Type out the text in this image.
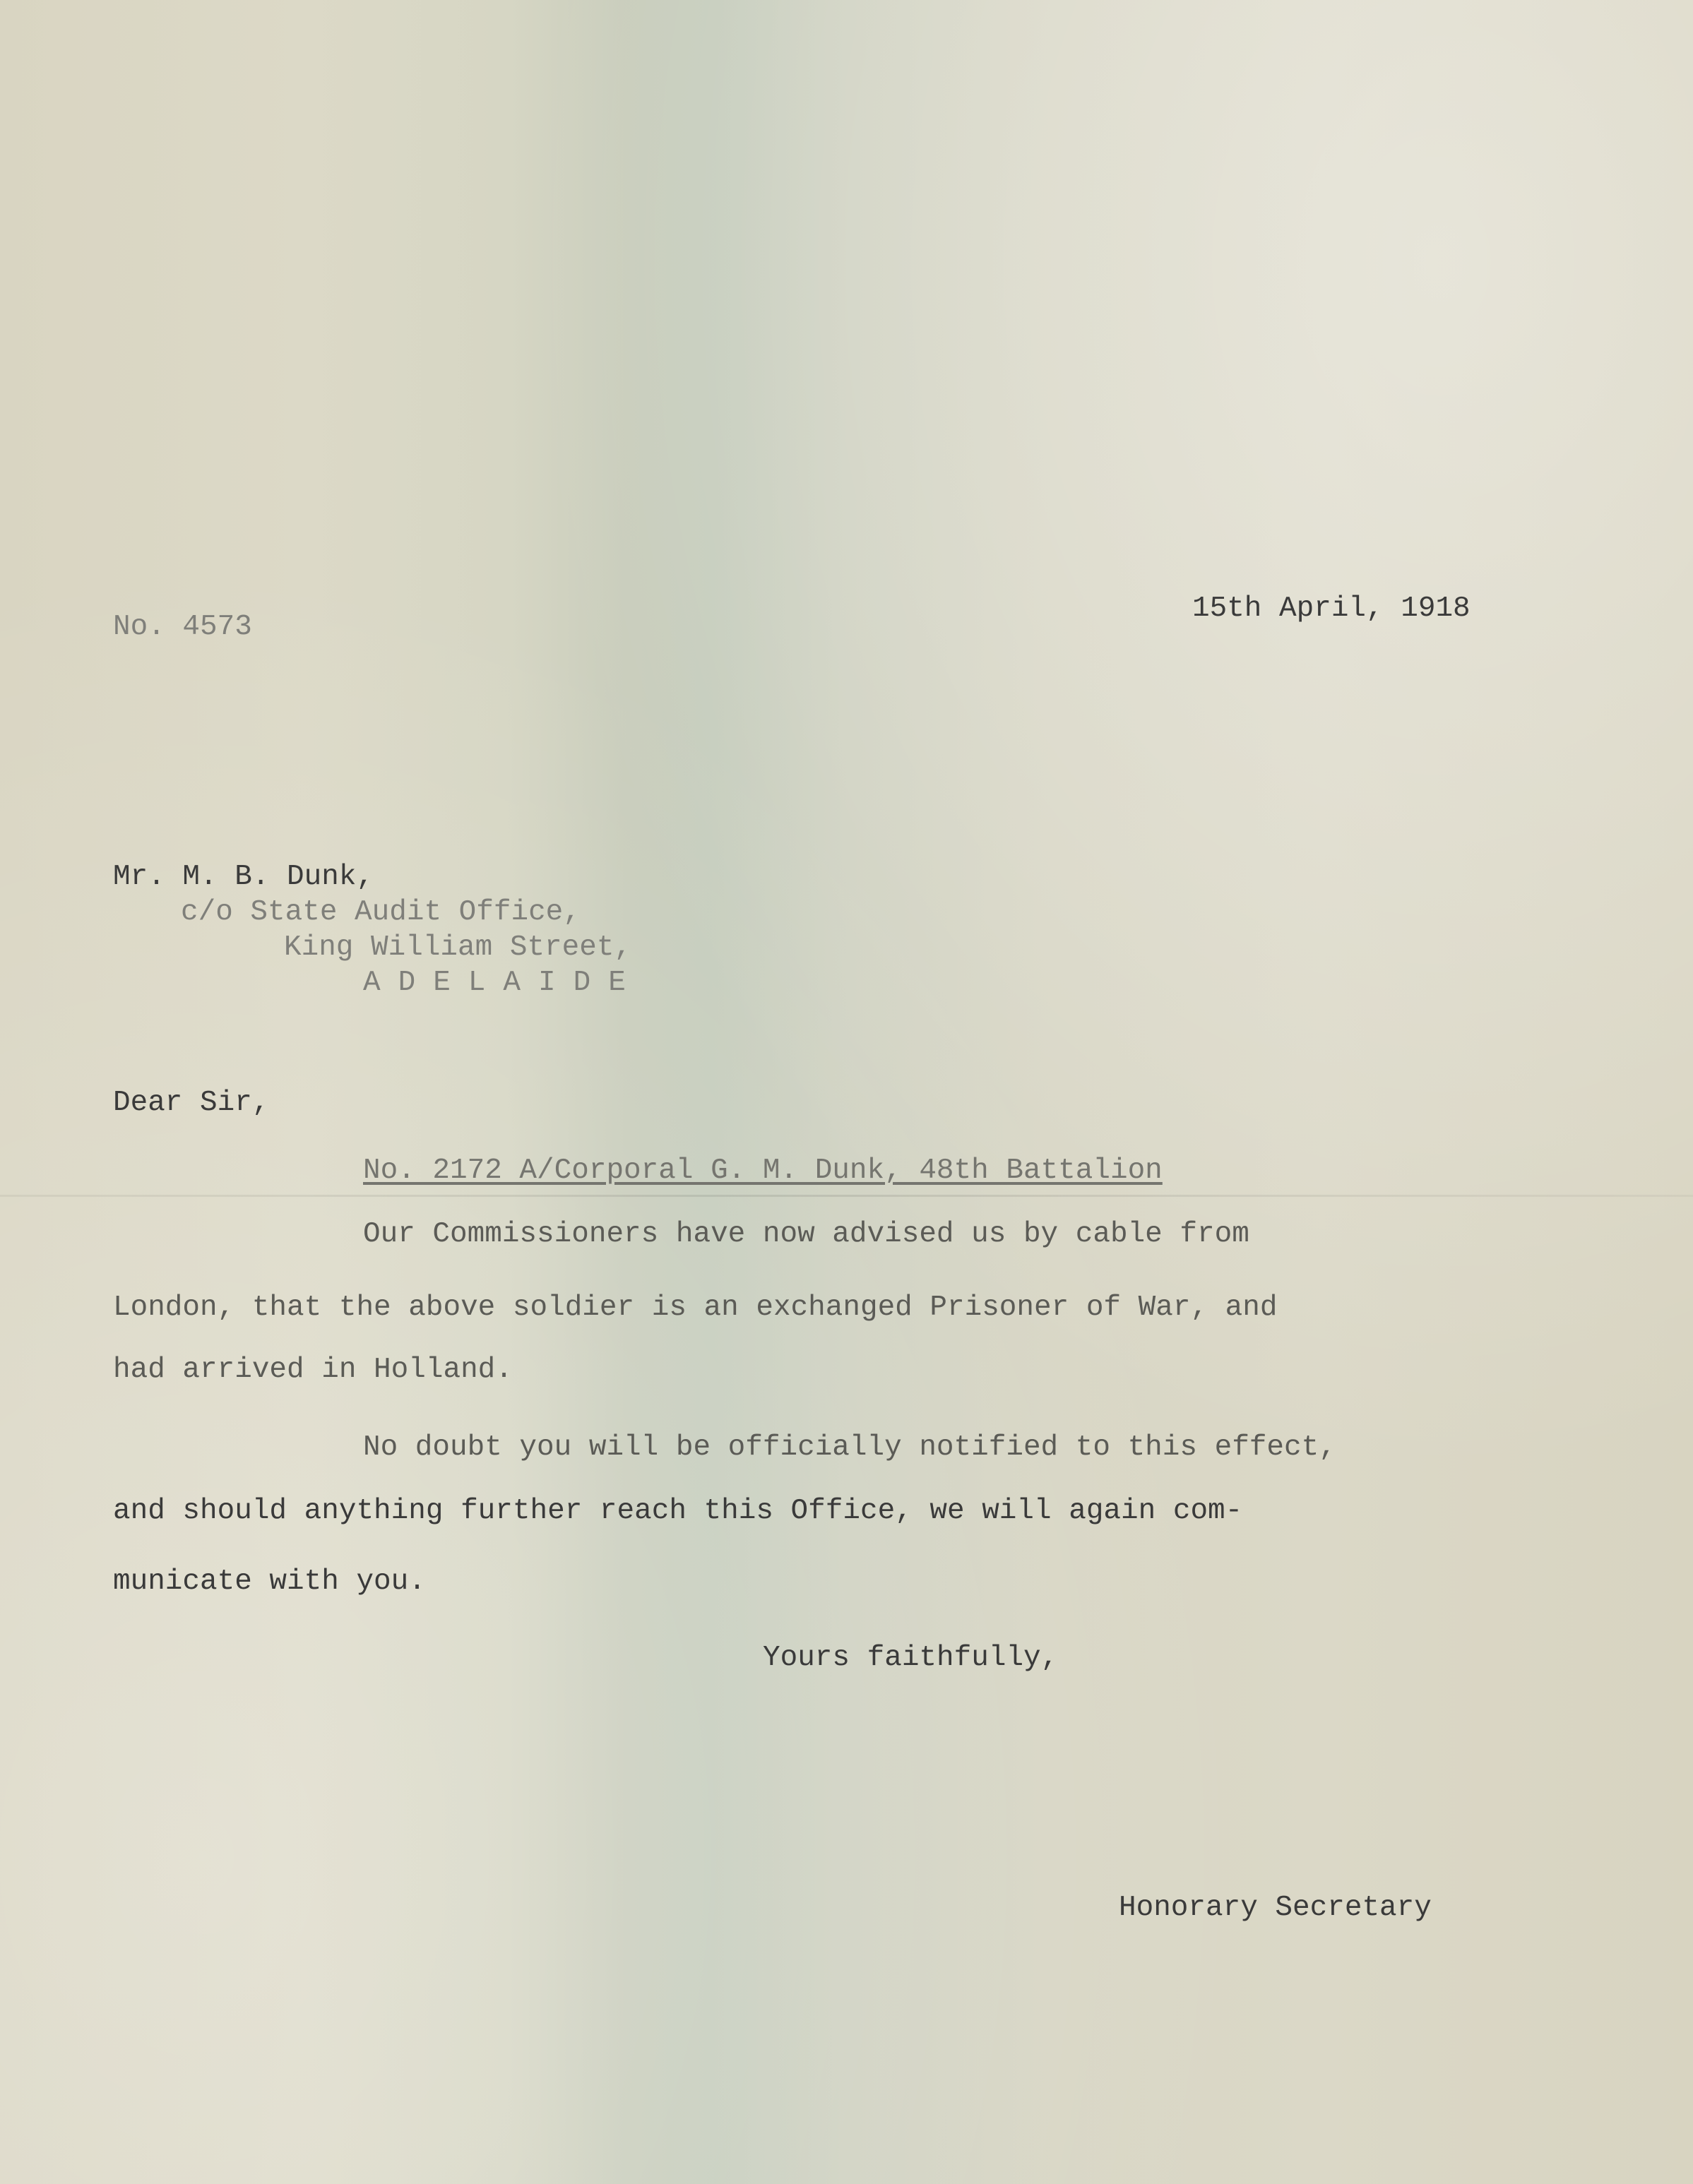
No. 4573
15th April, 1918
Mr. M. B. Dunk,
c/o State Audit Office,
King William Street,
ADELAIDE
Dear Sir,
No. 2172 A/Corporal G. M. Dunk, 48th Battalion
Our Commissioners have now advised us by cable from
London, that the above soldier is an exchanged Prisoner of War, and
had arrived in Holland.
No doubt you will be officially notified to this effect,
and should anything further reach this Office, we will again com-
municate with you.
Yours faithfully,
Honorary Secretary
